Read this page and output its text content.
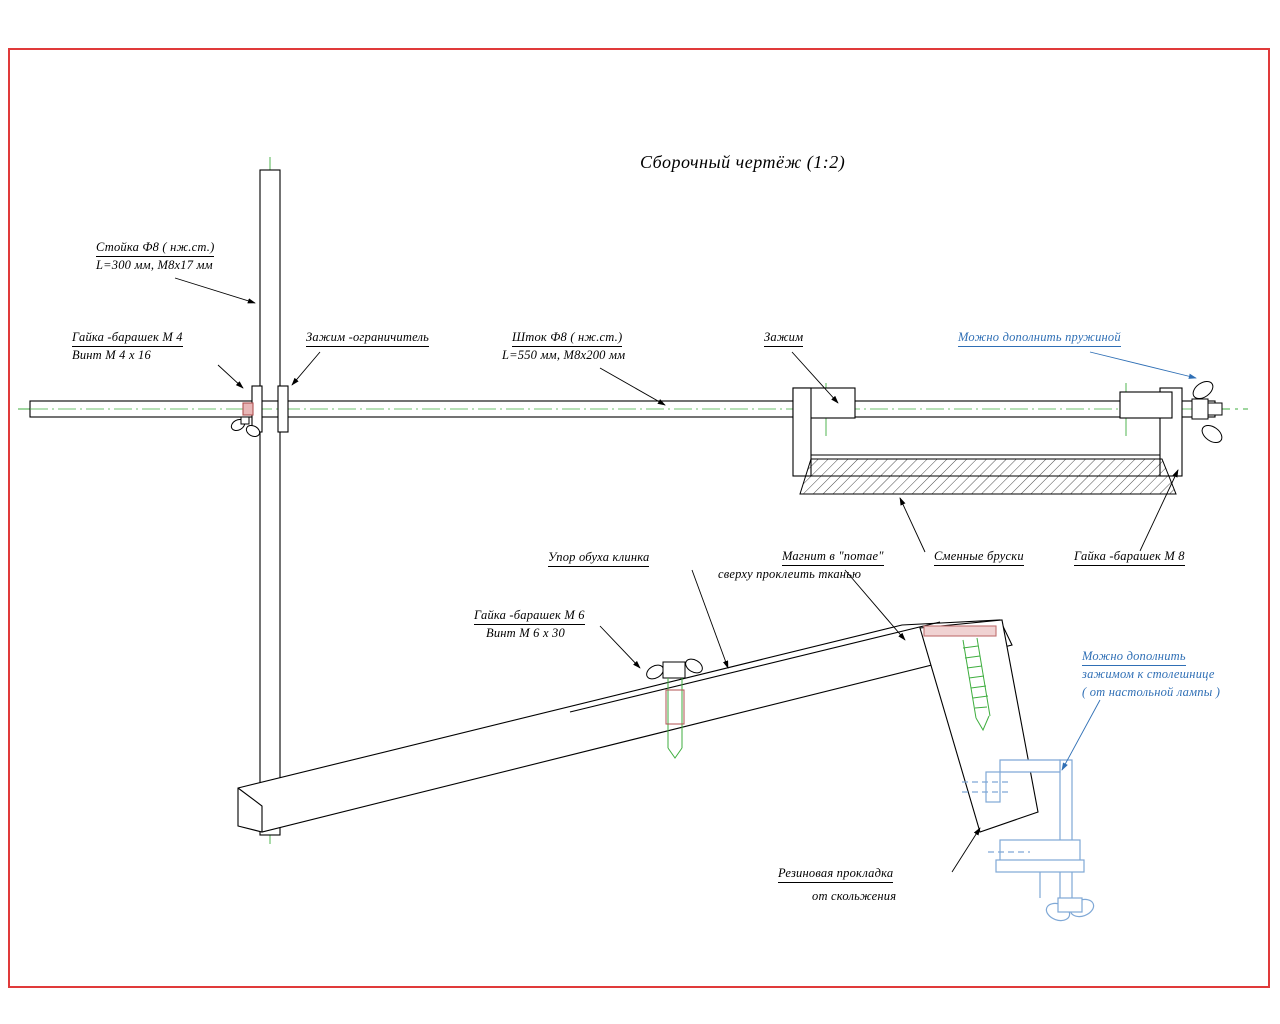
Сборочный чертёж (1:2)
Стойка Ф8 ( нж.ст.)
L=300 мм, M8x17 мм
Гайка -барашек М 4
Винт М 4 х 16
Зажим -ограничитель	Шток Ф8 ( нж.ст.)
L=550 мм, M8x200 мм
Зажим	Можно дополнить пружиной
Гайка -барашек М 8
Сменные бруски
Магнит в "потае"
сверху проклеить тканью
Упор обуха клинка
Гайка -барашек М 6
Винт М 6 х 30
Можно дополнить
зажимом к столешнице
( от настольной лампы )
Резиновая прокладка
от скольжения
